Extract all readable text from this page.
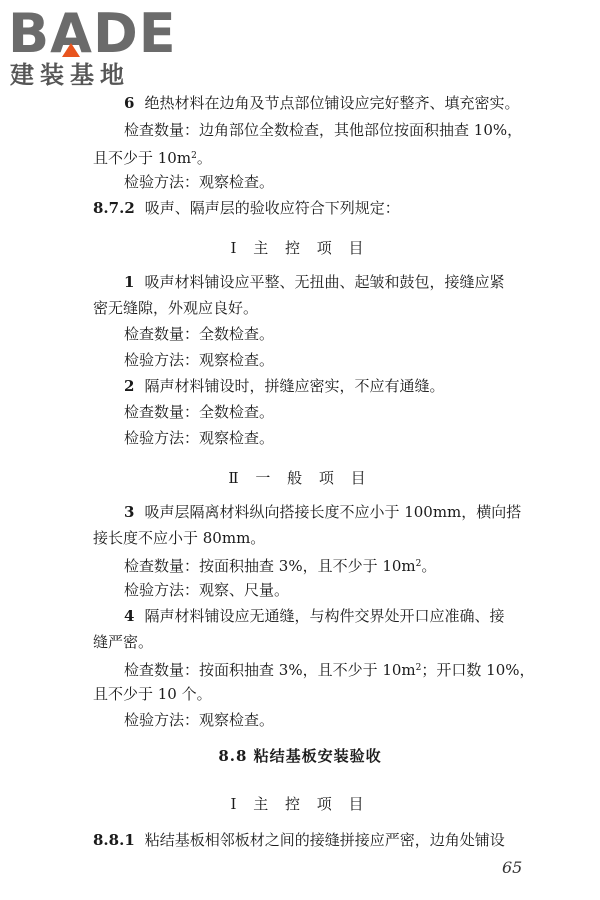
BADE
建装基地
6 绝热材料在边角及节点部位铺设应完好整齐、填充密实。
检查数量：边角部位全数检查，其他部位按面积抽查 10%，
且不少于 $10m^2$。
检验方法：观察检查。
8.7.2 吸声、隔声层的验收应符合下列规定：
Ⅰ 主 控 项 目
1 吸声材料铺设应平整、无扭曲、起皱和鼓包，接缝应紧
密无缝隙，外观应良好。
检查数量：全数检查。
检验方法：观察检查。
2 隔声材料铺设时，拼缝应密实，不应有通缝。
检查数量：全数检查。
检验方法：观察检查。
Ⅱ 一 般 项 目
3 吸声层隔离材料纵向搭接长度不应小于 100mm，横向搭
接长度不应小于 80mm。
检查数量：按面积抽查 3%，且不少于 $10m^2$。
检验方法：观察、尺量。
4 隔声材料铺设应无通缝，与构件交界处开口应准确、接
缝严密。
检查数量：按面积抽查 3%，且不少于 $10m^2$；开口数 10%，
且不少于 10 个。
检验方法：观察检查。
8.8 粘结基板安装验收
Ⅰ 主 控 项 目
8.8.1 粘结基板相邻板材之间的接缝拼接应严密，边角处铺设
65
